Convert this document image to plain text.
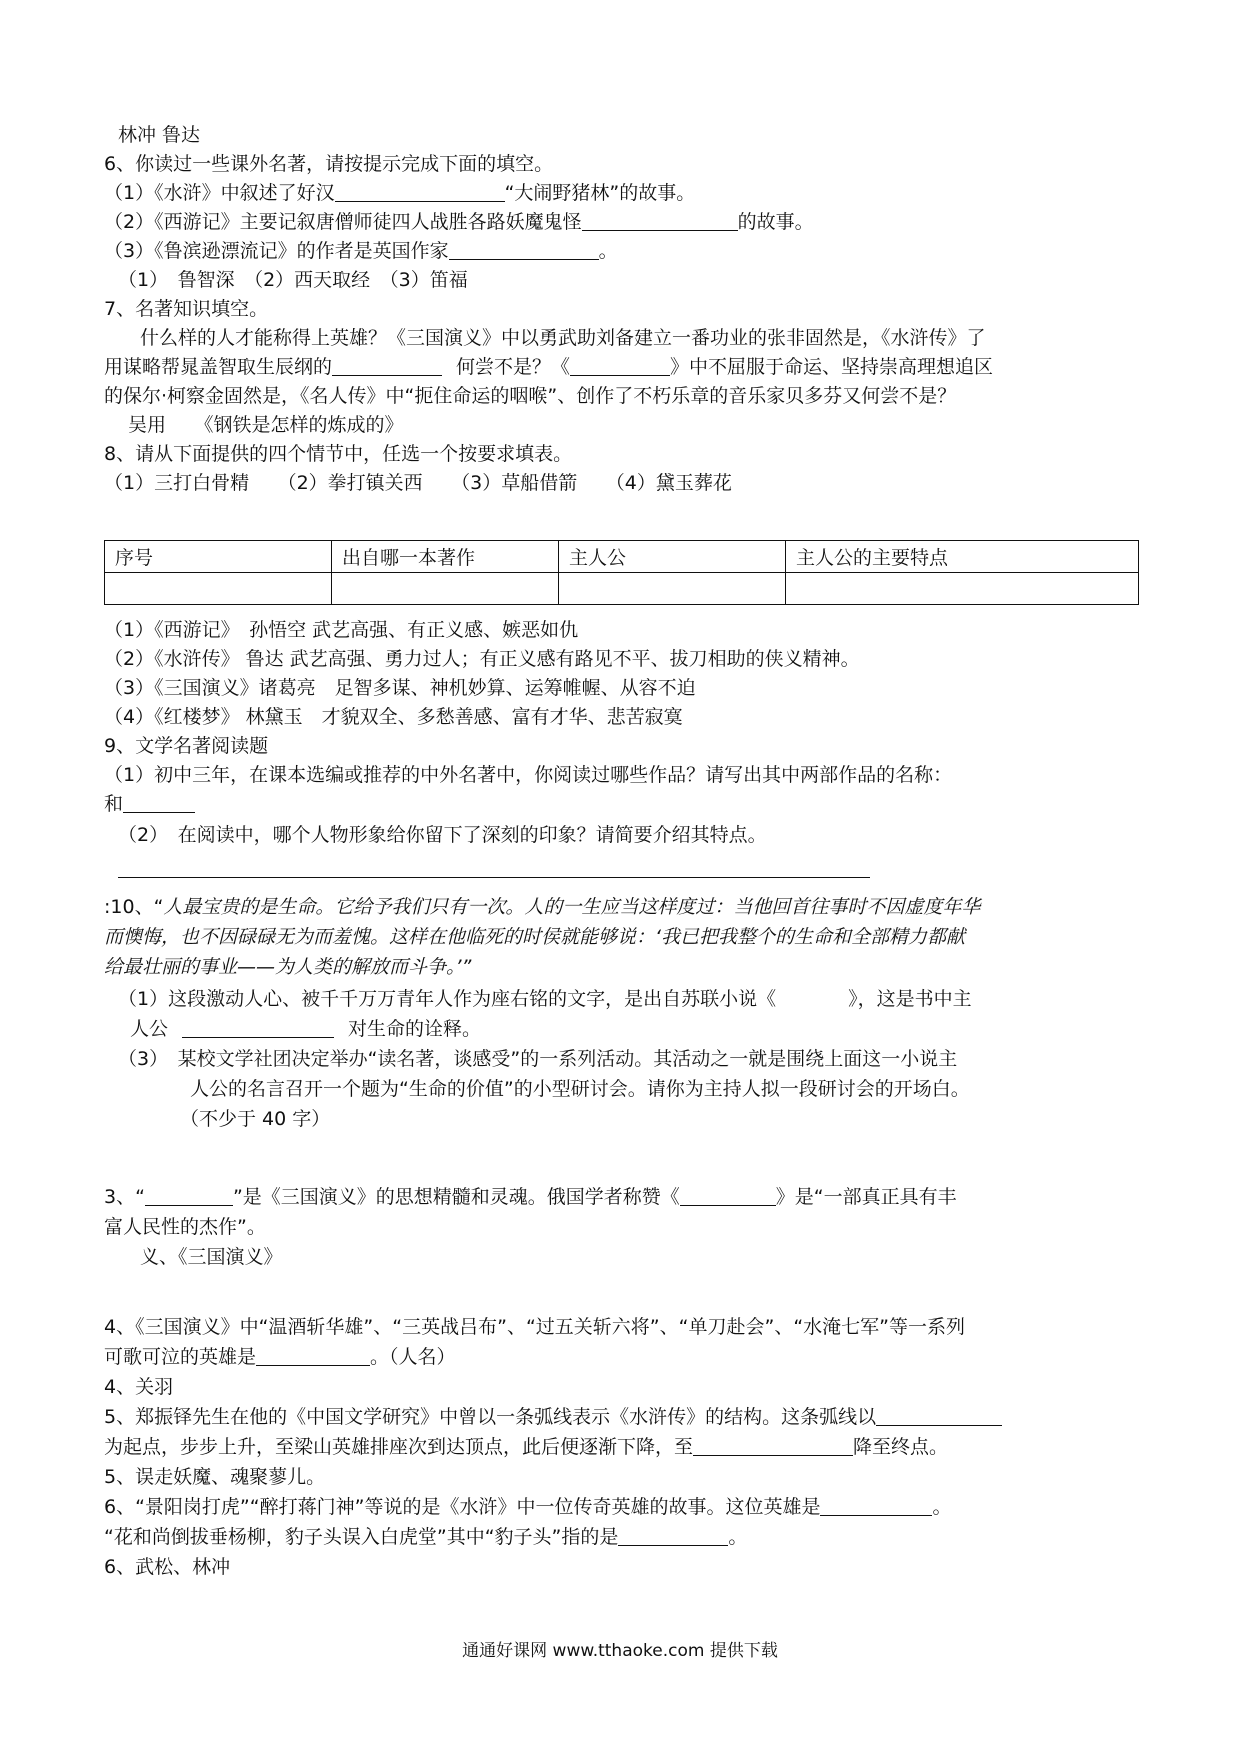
林冲 鲁达
6、你读过一些课外名著，请按提示完成下面的填空。
（1）《水浒》中叙述了好汉	“大闹野猪林”的故事。
（2）《西游记》主要记叙唐僧师徒四人战胜各路妖魔鬼怪	的故事。
（3）《鲁滨逊漂流记》的作者是英国作家	。
（1）　鲁智深　（2）西天取经　（3）笛福
7、名著知识填空。
什么样的人才能称得上英雄？《三国演义》中以勇武助刘备建立一番功业的张非固然是，《水浒传》了
用谋略帮晁盖智取生辰纲的	何尝不是？《	》中不屈服于命运、坚持崇高理想追区
的保尔·柯察金固然是，《名人传》中“扼住命运的咽喉”、创作了不朽乐章的音乐家贝多芬又何尝不是？
吴用　　《钢铁是怎样的炼成的》
8、请从下面提供的四个情节中，任选一个按要求填表。
（1）三打白骨精　　（2）拳打镇关西　　（3）草船借箭　　（4）黛玉葬花
序号	出自哪一本著作	主人公	主人公的主要特点

（1）《西游记》　孙悟空 武艺高强、有正义感、嫉恶如仇
（2）《水浒传》 鲁达 武艺高强、勇力过人；有正义感有路见不平、拔刀相助的侠义精神。
（3）《三国演义》诸葛亮　足智多谋、神机妙算、运筹帷幄、从容不迫
（4）《红楼梦》 林黛玉　才貌双全、多愁善感、富有才华、悲苦寂寞
9、文学名著阅读题
（1）初中三年，在课本选编或推荐的中外名著中，你阅读过哪些作品？请写出其中两部作品的名称：
和
（2）　在阅读中，哪个人物形象给你留下了深刻的印象？请简要介绍其特点。
:10、“人最宝贵的是生命。它给予我们只有一次。人的一生应当这样度过：当他回首往事时不因虚度年华
而懊悔，也不因碌碌无为而羞愧。这样在他临死的时侯就能够说：‘我已把我整个的生命和全部精力都献
给最壮丽的事业——为人类的解放而斗争。’”
（1）这段激动人心、被千千万万青年人作为座右铭的文字，是出自苏联小说《	》，这是书中主
人公	对生命的诠释。
（3）　某校文学社团决定举办“读名著，谈感受”的一系列活动。其活动之一就是围绕上面这一小说主
人公的名言召开一个题为“生命的价值”的小型研讨会。请你为主持人拟一段研讨会的开场白。
（不少于 40 字）
3、“	”是《三国演义》的思想精髓和灵魂。俄国学者称赞《	》是“一部真正具有丰
富人民性的杰作”。
义、《三国演义》
4、《三国演义》中“温酒斩华雄”、“三英战吕布”、“过五关斩六将”、“单刀赴会”、“水淹七军”等一系列
可歌可泣的英雄是	。（人名）
4、关羽
5、郑振铎先生在他的《中国文学研究》中曾以一条弧线表示《水浒传》的结构。这条弧线以
为起点，步步上升，至梁山英雄排座次到达顶点，此后便逐渐下降，至	降至终点。
5、误走妖魔、魂聚蓼儿。
6、“景阳岗打虎”“醉打蒋门神”等说的是《水浒》中一位传奇英雄的故事。这位英雄是	。
“花和尚倒拔垂杨柳，豹子头误入白虎堂”其中“豹子头”指的是	。
6、武松、林冲
通通好课网 www.tthaoke.com 提供下载
